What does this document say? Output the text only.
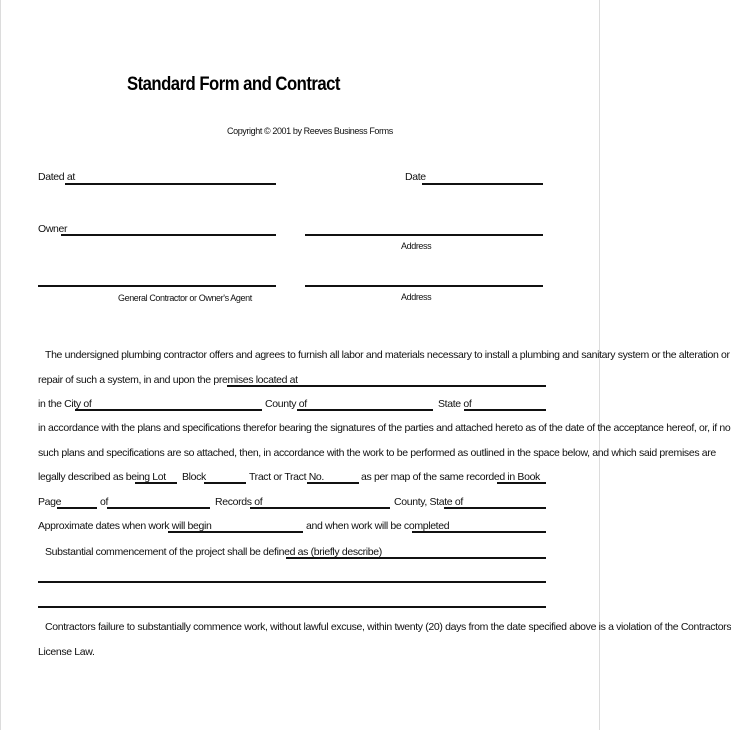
Standard Form and Contract
Copyright © 2001 by Reeves Business Forms
Dated at	Date
Owner
Address
General Contractor or Owner's Agent	Address
The undersigned plumbing contractor offers and agrees to furnish all labor and materials necessary to install a plumbing and sanitary system or the alteration or
repair of such a system, in and upon the premises located at
in the City of	County of	State of
in accordance with the plans and specifications therefor bearing the signatures of the parties and attached hereto as of the date of the acceptance hereof, or, if no
such plans and specifications are so attached, then, in accordance with the work to be performed as outlined in the space below, and which said premises are
legally described as being Lot Block	Tract or Tract No.	as per map of the same recorded in Book
Page	of	Records of	County, State of
Approximate dates when work will begin	and when work will be completed
Substantial commencement of the project shall be defined as (briefly describe)
Contractors failure to substantially commence work, without lawful excuse, within twenty (20) days from the date specified above is a violation of the Contractors
License Law.
